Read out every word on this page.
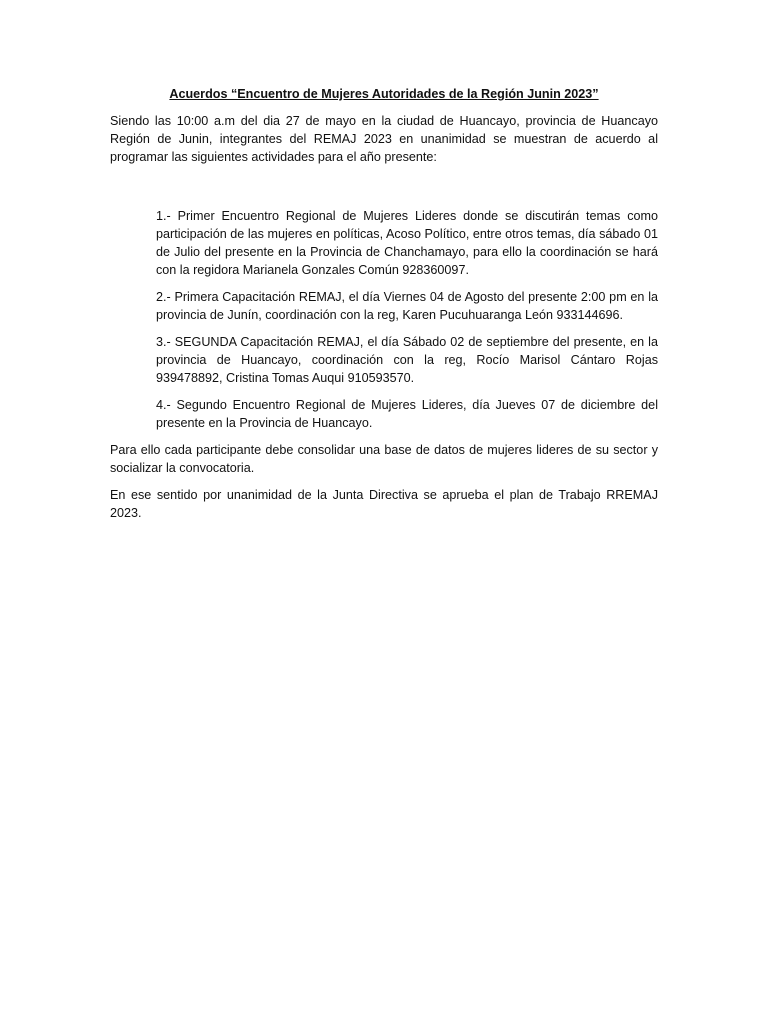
Acuerdos “Encuentro de Mujeres Autoridades de la Región Junin 2023”
Siendo las 10:00 a.m del dia 27 de mayo en la ciudad de Huancayo, provincia de Huancayo Región de Junin, integrantes del REMAJ 2023 en unanimidad se muestran de acuerdo al programar las siguientes actividades para el año presente:
1.- Primer Encuentro Regional de Mujeres Lideres donde se discutirán temas como participación de las mujeres en políticas, Acoso Político, entre otros temas, día sábado 01 de Julio del presente en la Provincia de Chanchamayo, para ello la coordinación se hará con la regidora Marianela Gonzales Común 928360097.
2.- Primera Capacitación REMAJ, el día Viernes 04 de Agosto del presente 2:00 pm en la provincia de Junín, coordinación con la reg, Karen Pucuhuaranga León 933144696.
3.- SEGUNDA Capacitación REMAJ, el día Sábado 02 de septiembre del presente, en la provincia de Huancayo, coordinación con la reg, Rocío Marisol Cántaro Rojas 939478892, Cristina Tomas Auqui 910593570.
4.- Segundo Encuentro Regional de Mujeres Lideres, día Jueves 07 de diciembre del presente en la Provincia de Huancayo.
Para ello cada participante debe consolidar una base de datos de mujeres lideres de su sector y socializar la convocatoria.
En ese sentido por unanimidad de la Junta Directiva se aprueba el plan de Trabajo RREMAJ 2023.
